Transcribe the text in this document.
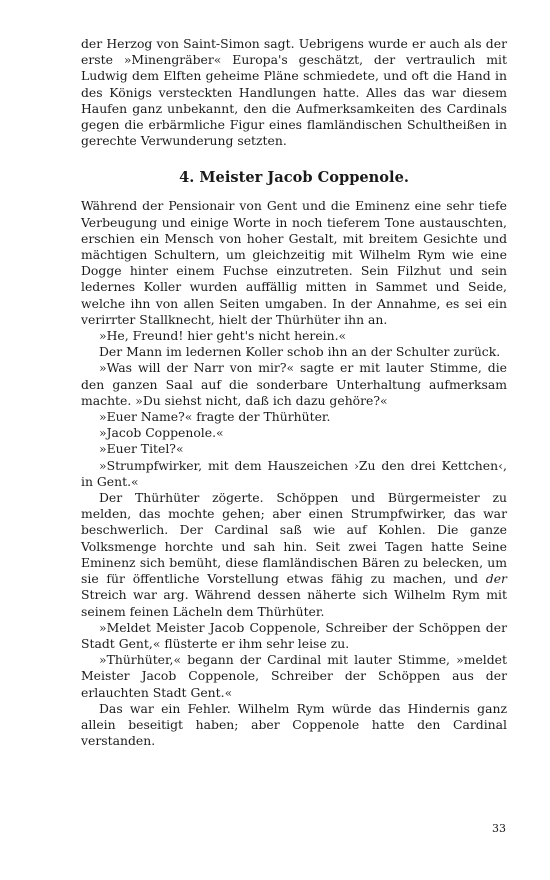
der Herzog von Saint-Simon sagt. Uebrigens wurde er auch als der erste »Minengräber« Europa's geschätzt, der vertraulich mit Ludwig dem Elften geheime Pläne schmiedete, und oft die Hand in des Königs versteckten Handlungen hatte. Alles das war diesem Haufen ganz unbekannt, den die Aufmerksamkeiten des Cardinals gegen die erbärmliche Figur eines flamländischen Schultheißen in gerechte Verwunderung setzten.

4. Meister Jacob Coppenole.

Während der Pensionair von Gent und die Eminenz eine sehr tiefe Verbeugung und einige Worte in noch tieferem Tone austauschten, erschien ein Mensch von hoher Gestalt, mit breitem Gesichte und mächtigen Schultern, um gleichzeitig mit Wilhelm Rym wie eine Dogge hinter einem Fuchse einzutreten. Sein Filzhut und sein ledernes Koller wurden auffällig mitten in Sammet und Seide, welche ihn von allen Seiten umgaben. In der Annahme, es sei ein verirrter Stallknecht, hielt der Thürhüter ihn an.

»He, Freund! hier geht's nicht herein.«

Der Mann im ledernen Koller schob ihn an der Schulter zurück.

»Was will der Narr von mir?« sagte er mit lauter Stimme, die den ganzen Saal auf die sonderbare Unterhaltung aufmerksam machte. »Du siehst nicht, daß ich dazu gehöre?«

»Euer Name?« fragte der Thürhüter.

»Jacob Coppenole.«

»Euer Titel?«

»Strumpfwirker, mit dem Hauszeichen ›Zu den drei Kettchen‹, in Gent.«

Der Thürhüter zögerte. Schöppen und Bürgermeister zu melden, das mochte gehen; aber einen Strumpfwirker, das war beschwerlich. Der Cardinal saß wie auf Kohlen. Die ganze Volksmenge horchte und sah hin. Seit zwei Tagen hatte Seine Eminenz sich bemüht, diese flamländischen Bären zu belecken, um sie für öffentliche Vorstellung etwas fähig zu machen, und der Streich war arg. Während dessen näherte sich Wilhelm Rym mit seinem feinen Lächeln dem Thürhüter.

»Meldet Meister Jacob Coppenole, Schreiber der Schöppen der Stadt Gent,« flüsterte er ihm sehr leise zu.

»Thürhüter,« begann der Cardinal mit lauter Stimme, »meldet Meister Jacob Coppenole, Schreiber der Schöppen aus der erlauchten Stadt Gent.«

Das war ein Fehler. Wilhelm Rym würde das Hindernis ganz allein beseitigt haben; aber Coppenole hatte den Cardinal verstanden.

33
